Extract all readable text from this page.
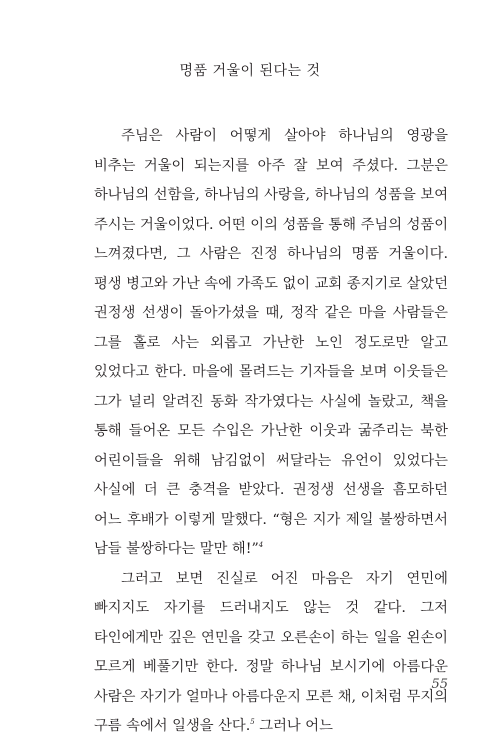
명품 거울이 된다는 것

주님은 사람이 어떻게 살아야 하나님의 영광을 비추는 거울이 되는지를 아주 잘 보여 주셨다. 그분은 하나님의 선함을, 하나님의 사랑을, 하나님의 성품을 보여 주시는 거울이었다. 어떤 이의 성품을 통해 주님의 성품이 느껴졌다면, 그 사람은 진정 하나님의 명품 거울이다. 평생 병고와 가난 속에 가족도 없이 교회 종지기로 살았던 권정생 선생이 돌아가셨을 때, 정작 같은 마을 사람들은 그를 홀로 사는 외롭고 가난한 노인 정도로만 알고 있었다고 한다. 마을에 몰려드는 기자들을 보며 이웃들은 그가 널리 알려진 동화 작가였다는 사실에 놀랐고, 책을 통해 들어온 모든 수입은 가난한 이웃과 굶주리는 북한 어린이들을 위해 남김없이 써달라는 유언이 있었다는 사실에 더 큰 충격을 받았다. 권정생 선생을 흠모하던 어느 후배가 이렇게 말했다. “형은 지가 제일 불쌍하면서 남들 불쌍하다는 말만 해!”$^4$

그러고 보면 진실로 어진 마음은 자기 연민에 빠지지도 자기를 드러내지도 않는 것 같다. 그저 타인에게만 깊은 연민을 갖고 오른손이 하는 일을 왼손이 모르게 베풀기만 한다. 정말 하나님 보시기에 아름다운 사람은 자기가 얼마나 아름다운지 모른 채, 이처럼 무지의 구름 속에서 일생을 산다.$^5$ 그러나 어느

55
